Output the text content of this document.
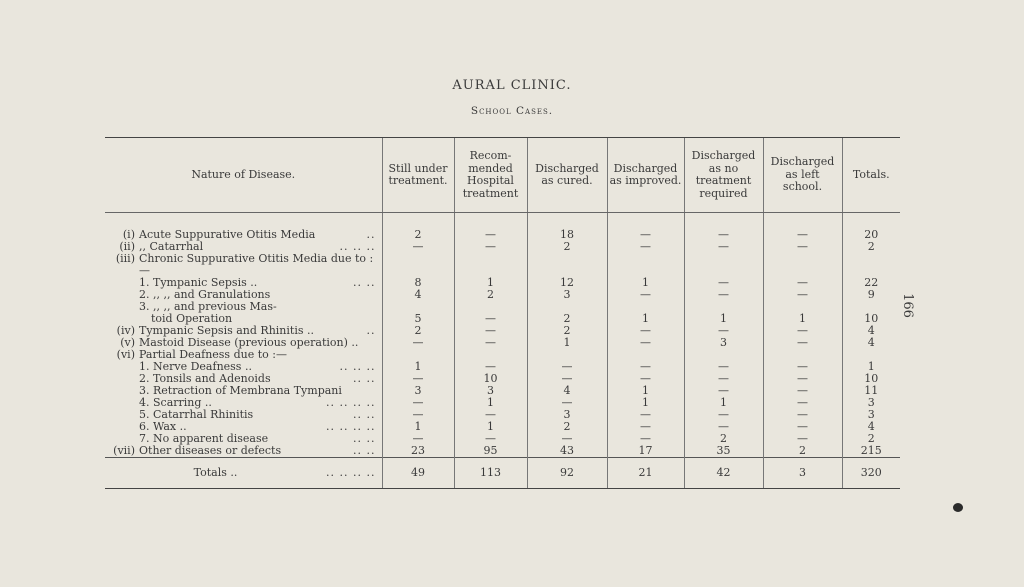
AURAL CLINIC.
School Cases.
166
Nature of Disease.	Still under treatment.	Recom-mended Hospital treatment	Discharged as cured.	Discharged as improved.	Discharged as no treatment required	Discharged as left school.	Totals.

(i) Acute Suppurative Otitis Media ..	2	—	18	—	—	—	20

(ii) ,, Catarrhal .. .. ..	—	—	2	—	—	—	2

(iii) Chronic Suppurative Otitis Media due to :—							

1. Tympanic Sepsis .. .. ..	8	1	12	1	—	—	22

2. ,, ,, and Granulations	4	2	3	—	—	—	9

3. ,, ,, and previous Mas-							

toid Operation	5	—	2	1	1	1	10

(iv) Tympanic Sepsis and Rhinitis .. ..	2	—	2	—	—	—	4

(v) Mastoid Disease (previous operation) ..	—	—	1	—	3	—	4

(vi) Partial Deafness due to :—							

1. Nerve Deafness .. .. .. ..	1	—	—	—	—	—	1

2. Tonsils and Adenoids .. ..	—	10	—	—	—	—	10

3. Retraction of Membrana Tympani	3	3	4	1	—	—	11

4. Scarring .. .. .. .. ..	—	1	—	1	1	—	3

5. Catarrhal Rhinitis .. ..	—	—	3	—	—	—	3

6. Wax .. .. .. .. ..	1	1	2	—	—	—	4

7. No apparent disease .. ..	—	—	—	—	2	—	2

(vii) Other diseases or defects .. ..	23	95	43	17	35	2	215

Totals .. .. .. .. ..	49	113	92	21	42	3	320
